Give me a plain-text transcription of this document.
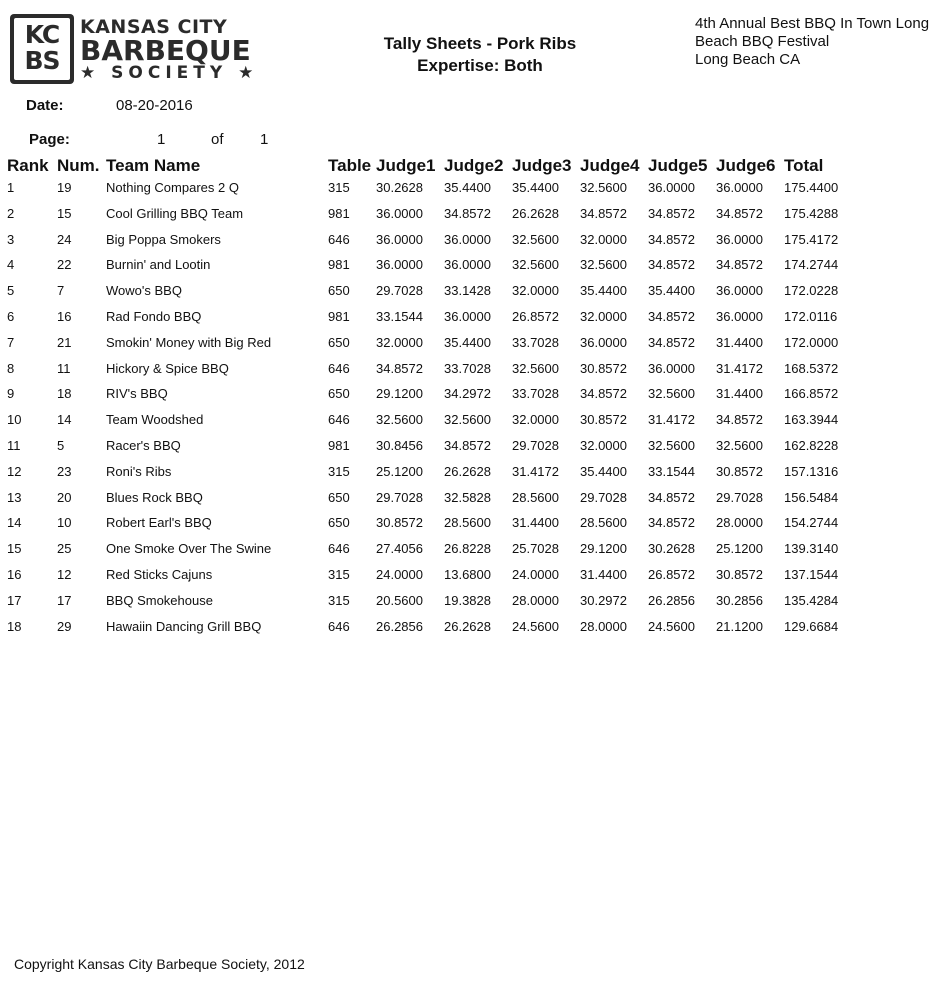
KC
BS
KANSAS CITY
BARBEQUE
★ SOCIETY ★
Tally Sheets - Pork Ribs
Expertise: Both
4th Annual Best BBQ In Town Long Beach BBQ Festival
Long Beach CA
Date:	08-20-2016
Page:	1	of 1
Rank Num. Team Name	Table Judge1 Judge2 Judge3 Judge4 Judge5 Judge6 Total
1	19	Nothing Compares 2 Q	315 30.2628 35.4400 35.4400 32.5600 36.0000 36.0000 175.4400
2	15	Cool Grilling BBQ Team	981 36.0000 34.8572 26.2628 34.8572 34.8572 34.8572 175.4288
3	24	Big Poppa Smokers	646 36.0000 36.0000 32.5600 32.0000 34.8572 36.0000 175.4172
4	22	Burnin' and Lootin	981 36.0000 36.0000 32.5600 32.5600 34.8572 34.8572 174.2744
5	7	Wowo's BBQ	650 29.7028 33.1428 32.0000 35.4400 35.4400 36.0000 172.0228
6	16	Rad Fondo BBQ	981 33.1544 36.0000 26.8572 32.0000 34.8572 36.0000 172.0116
7	21	Smokin' Money with Big Red	650 32.0000 35.4400 33.7028 36.0000 34.8572 31.4400 172.0000
8	11	Hickory & Spice BBQ	646 34.8572 33.7028 32.5600 30.8572 36.0000 31.4172 168.5372
9	18	RIV's BBQ	650 29.1200 34.2972 33.7028 34.8572 32.5600 31.4400 166.8572
10	14	Team Woodshed	646 32.5600 32.5600 32.0000 30.8572 31.4172 34.8572 163.3944
11	5	Racer's BBQ	981 30.8456 34.8572 29.7028 32.0000 32.5600 32.5600 162.8228
12	23	Roni's Ribs	315 25.1200 26.2628 31.4172 35.4400 33.1544 30.8572 157.1316
13	20	Blues Rock BBQ	650 29.7028 32.5828 28.5600 29.7028 34.8572 29.7028 156.5484
14	10	Robert Earl's BBQ	650 30.8572 28.5600 31.4400 28.5600 34.8572 28.0000 154.2744
15	25	One Smoke Over The Swine	646 27.4056 26.8228 25.7028 29.1200 30.2628 25.1200 139.3140
16	12	Red Sticks Cajuns	315 24.0000 13.6800 24.0000 31.4400 26.8572 30.8572 137.1544
17	17	BBQ Smokehouse	315 20.5600 19.3828 28.0000 30.2972 26.2856 30.2856 135.4284
18	29	Hawaiin Dancing Grill BBQ	646 26.2856 26.2628 24.5600 28.0000 24.5600 21.1200 129.6684
Copyright Kansas City Barbeque Society, 2012
